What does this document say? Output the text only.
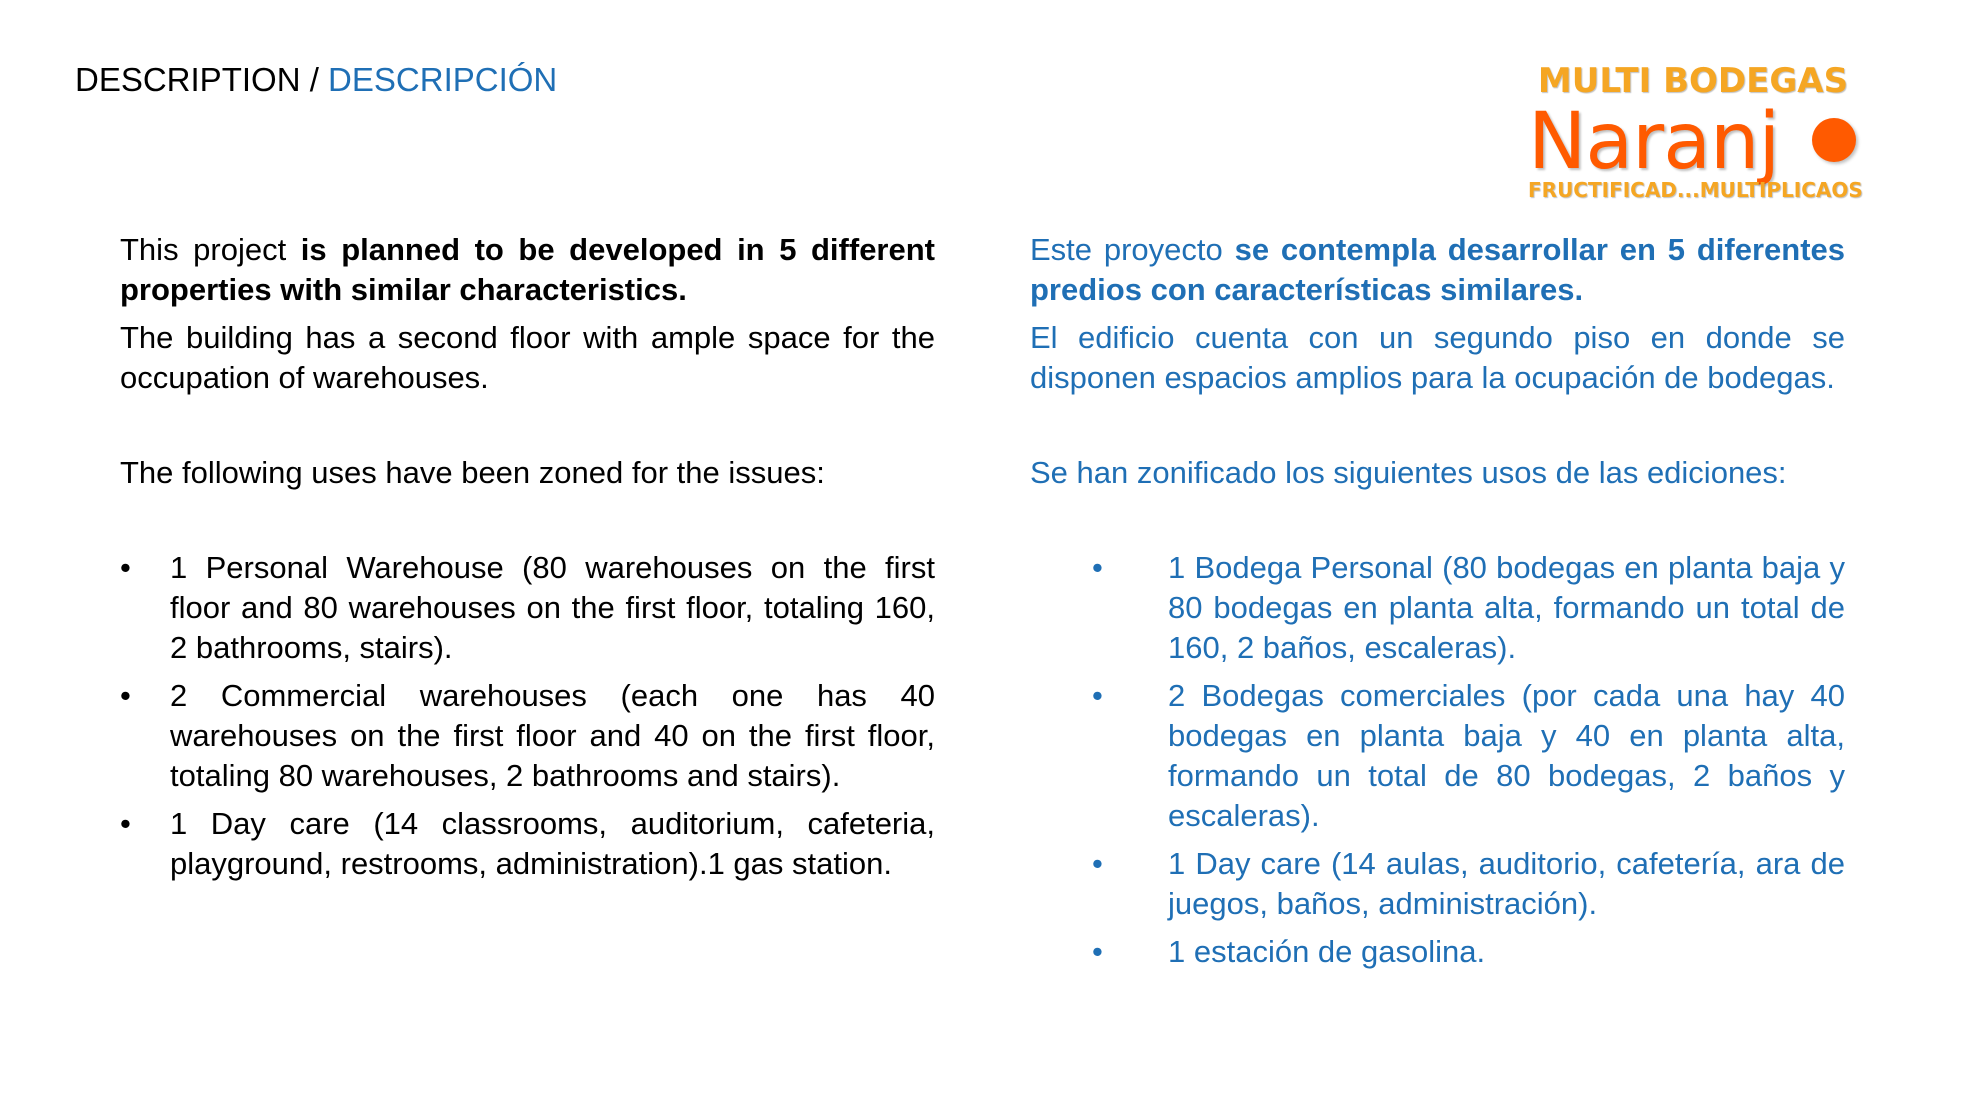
DESCRIPTION / DESCRIPCIÓN	MULTI BODEGAS
Naranj
FRUCTIFICAD...MULTIPLICAOS

This project is planned to be developed in 5 different properties with similar characteristics.

The building has a second floor with ample space for the occupation of warehouses.

The following uses have been zoned for the issues:

• 1 Personal Warehouse (80 warehouses on the first floor and 80 warehouses on the first floor, totaling 160, 2 bathrooms, stairs).
• 2 Commercial warehouses (each one has 40 warehouses on the first floor and 40 on the first floor, totaling 80 warehouses, 2 bathrooms and stairs).
• 1 Day care (14 classrooms, auditorium, cafeteria, playground, restrooms, administration).1 gas station.

Este proyecto se contempla desarrollar en 5 diferentes predios con características similares.

El edificio cuenta con un segundo piso en donde se disponen espacios amplios para la ocupación de bodegas.

Se han zonificado los siguientes usos de las ediciones:

• 1 Bodega Personal (80 bodegas en planta baja y 80 bodegas en planta alta, formando un total de 160, 2 baños, escaleras).
• 2 Bodegas comerciales (por cada una hay 40 bodegas en planta baja y 40 en planta alta, formando un total de 80 bodegas, 2 baños y escaleras).
• 1 Day care (14 aulas, auditorio, cafetería, ara de juegos, baños, administración).
• 1 estación de gasolina.
